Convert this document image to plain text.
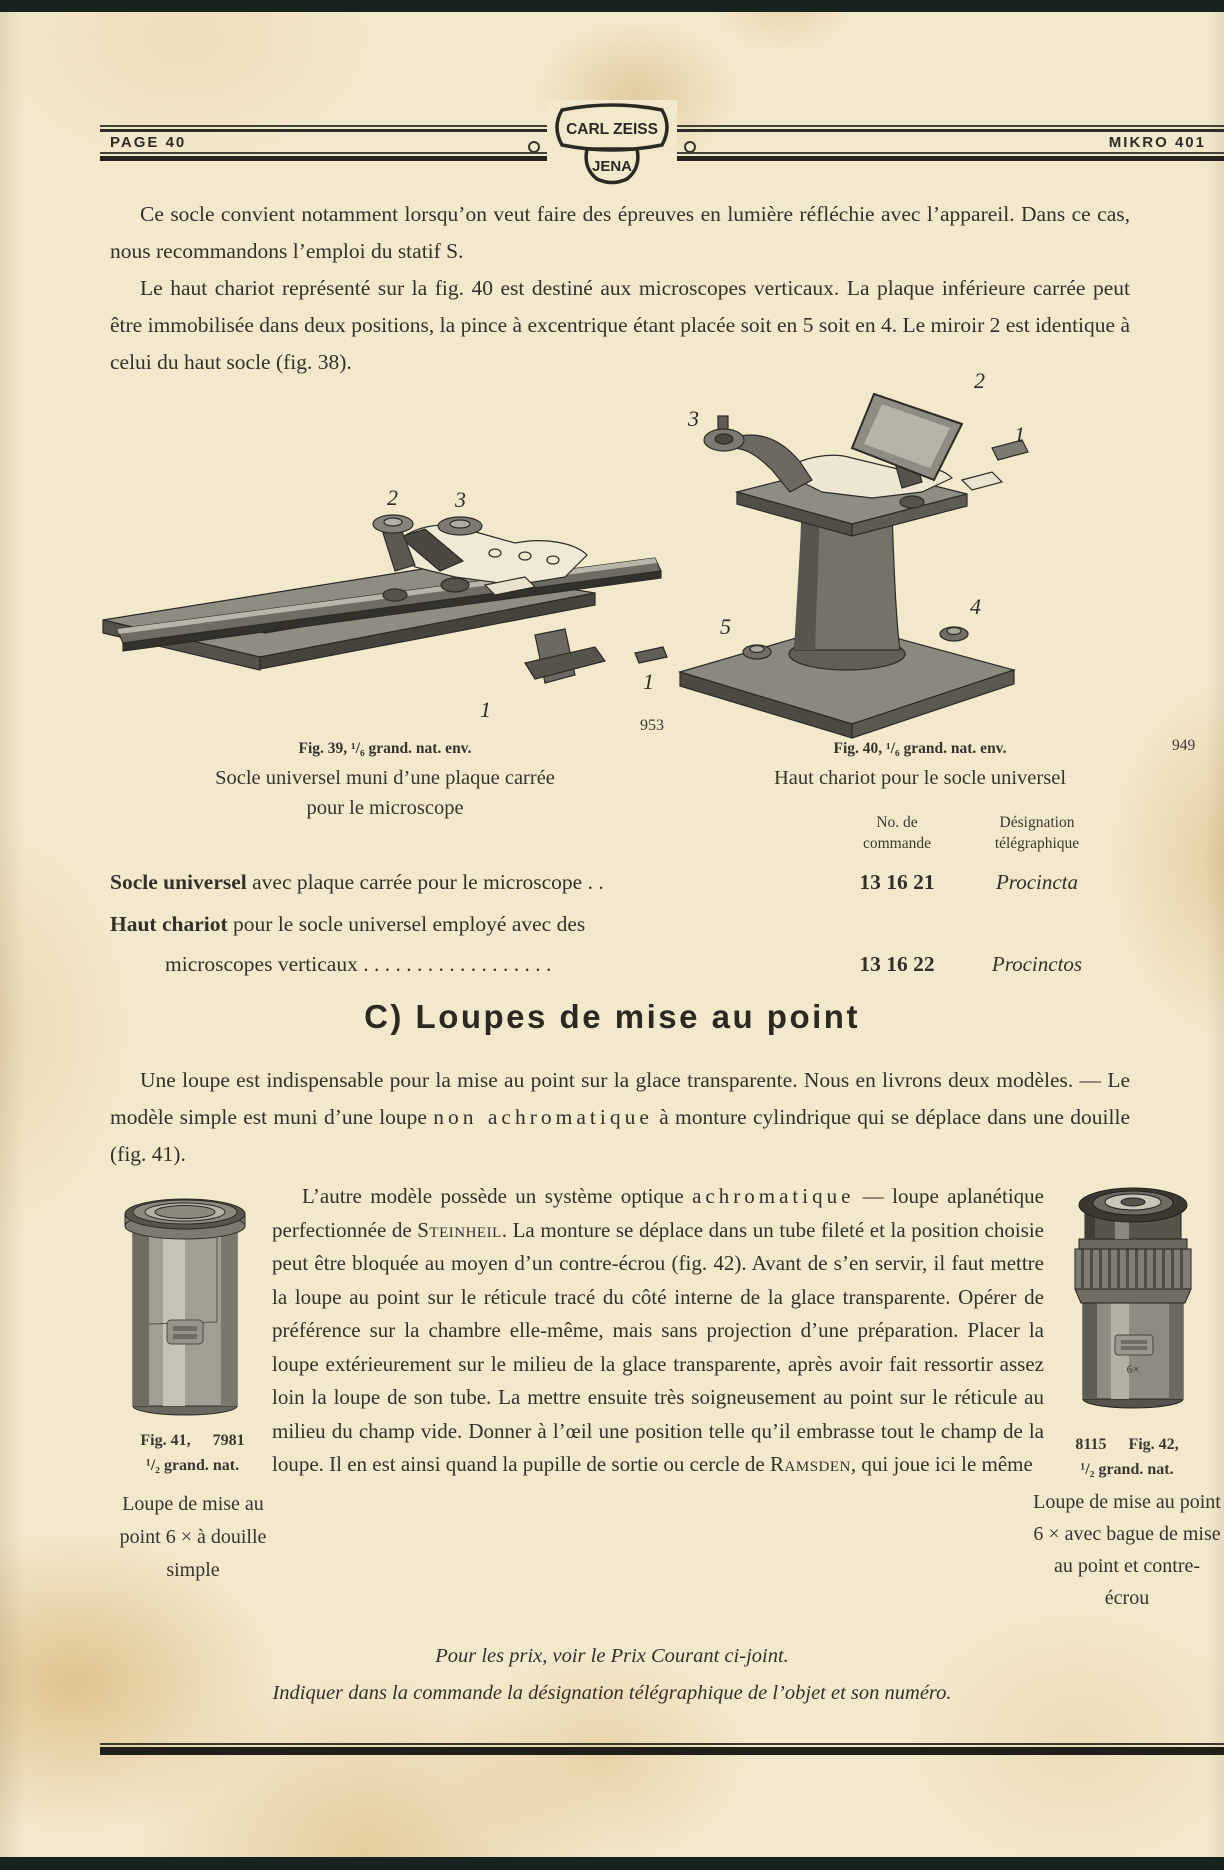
PAGE 40	MIKRO 401
CARL ZEISS
JENA

Ce socle convient notamment lorsqu’on veut faire des épreuves en lumière réfléchie avec l’appareil. Dans ce cas, nous recommandons l’emploi du statif S.

Le haut chariot représenté sur la fig. 40 est destiné aux microscopes verticaux. La plaque inférieure carrée peut être immobilisée dans deux positions, la pince à excentrique étant placée soit en 5 soit en 4. Le miroir 2 est identique à celui du haut socle (fig. 38).

2	3
1
1
3
2
1
5
4
953
949
Fig. 39, ¹/₆ grand. nat. env.
Socle universel muni d’une plaque carrée
pour le microscope
Fig. 40, ¹/₆ grand. nat. env.
Haut chariot pour le socle universel
No. de
commande
Désignation
télégraphique
Socle universel avec plaque carrée pour le microscope . .	13 16 21	Procincta
Haut chariot pour le socle universel employé avec des
microscopes verticaux . . . . . . . . . . . . . . . . . .	13 16 22	Procinctos
C) Loupes de mise au point

Une loupe est indispensable pour la mise au point sur la glace transparente. Nous en livrons deux modèles. — Le modèle simple est muni d’une loupe non achromatique à monture cylindrique qui se déplace dans une douille (fig. 41).

6×
Fig. 41, 7981
¹/₂ grand. nat.
Loupe de mise au point 6 × à douille simple

L’autre modèle possède un système optique achromatique — loupe aplanétique perfectionnée de Steinheil. La monture se déplace dans un tube fileté et la position choisie peut être bloquée au moyen d’un contre-écrou (fig. 42). Avant de s’en servir, il faut mettre la loupe au point sur le réticule tracé du côté interne de la glace transparente. Opérer de préférence sur la chambre elle-même, mais sans projection d’une préparation. Placer la loupe extérieurement sur le milieu de la glace transparente, après avoir fait ressortir assez loin la loupe de son tube. La mettre ensuite très soigneusement au point sur le réticule au milieu du champ vide. Donner à l’œil une position telle qu’il embrasse tout le champ de la loupe. Il en est ainsi quand la pupille de sortie ou cercle de Ramsden, qui joue ici le même

8115 Fig. 42,
¹/₂ grand. nat.
Loupe de mise au point 6 × avec bague de mise au point et contre-écrou
Pour les prix, voir le Prix Courant ci-joint.
Indiquer dans la commande la désignation télégraphique de l’objet et son numéro.
